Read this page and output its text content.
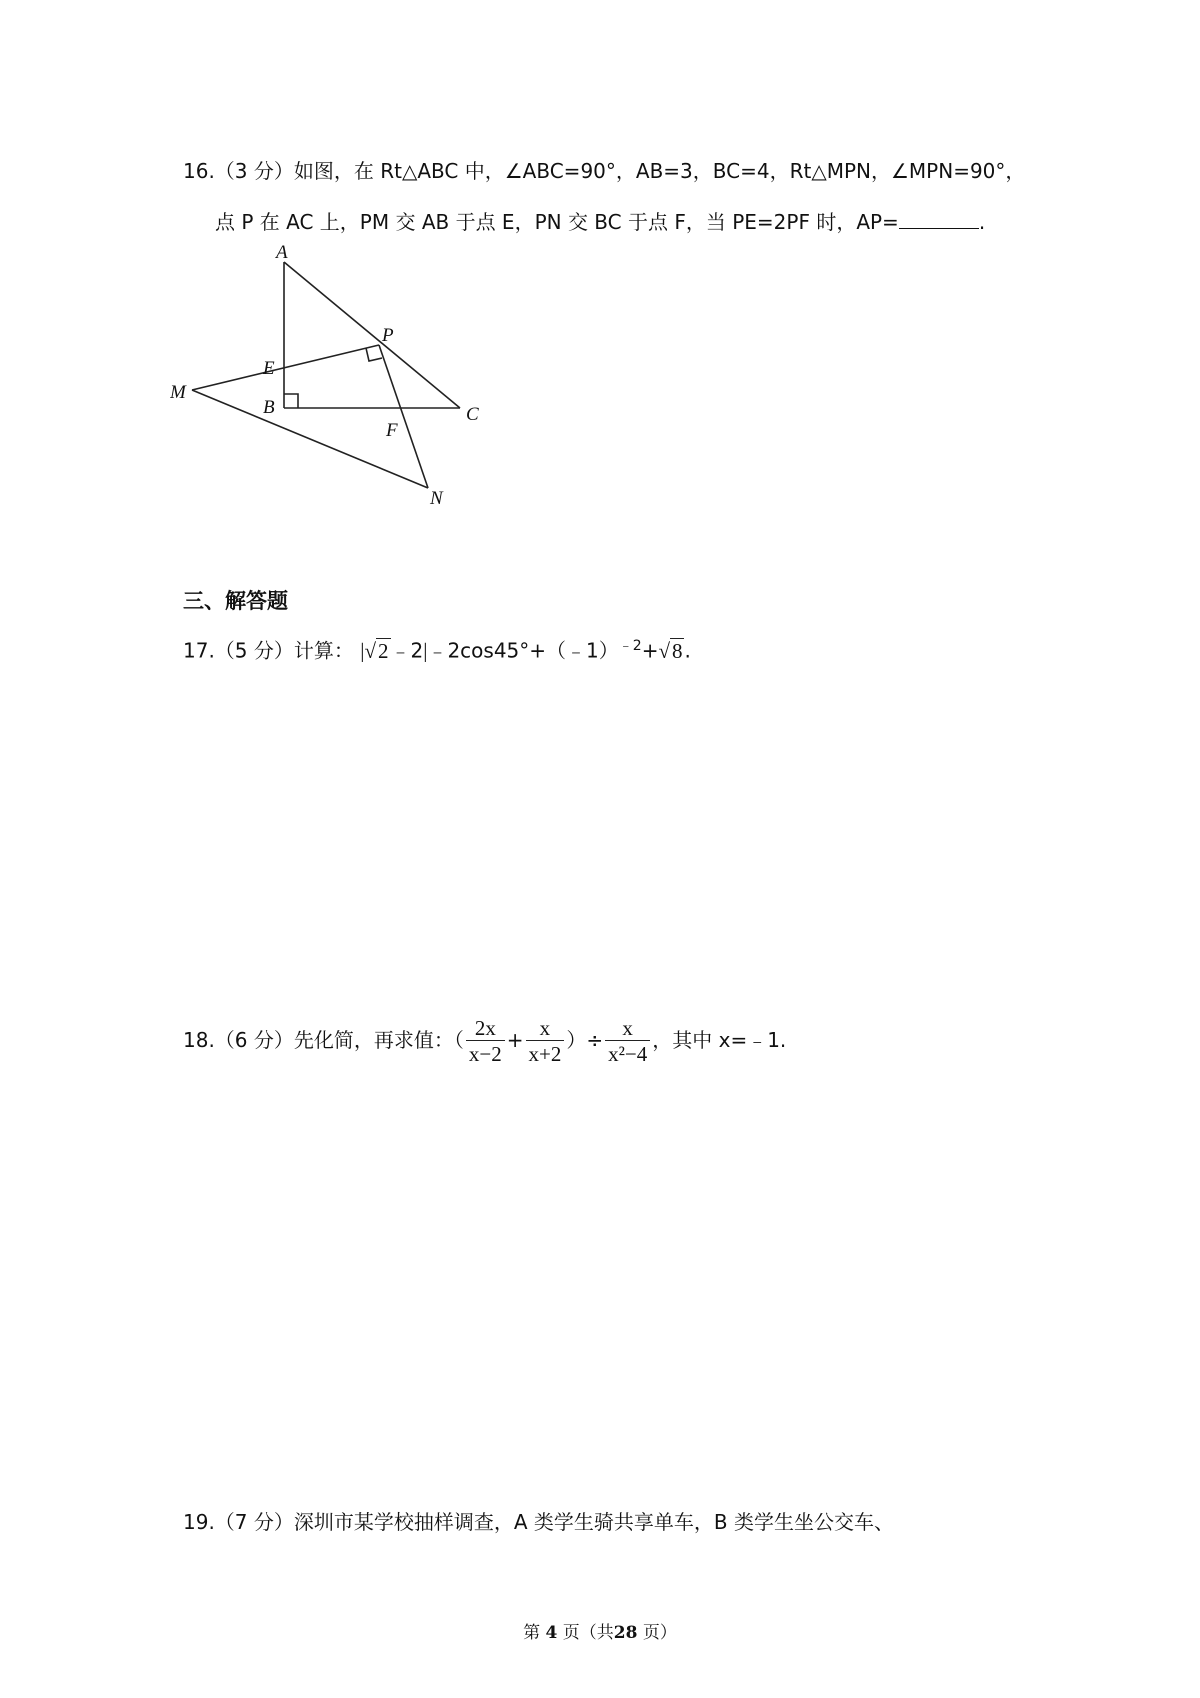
16.（3 分）如图，在 Rt△ABC 中，∠ABC=90°，AB=3，BC=4，Rt△MPN，∠MPN=90°，
点 P 在 AC 上，PM 交 AB 于点 E，PN 交 BC 于点 F，当 PE=2PF 时，AP=	.
A
P
E
M
B	C
F
N
三、解答题
17.（5 分）计算： |√2 ﹣2|﹣2cos45°+（﹣1）$^{﹣2}$+√8 .
18.（6 分）先化简，再求值：（ $\frac{2x}{x-2} + \frac{x}{x+2}$ ）÷ $\frac{x}{\text{x²−4}}$ ，其中 x=﹣1.
19.（7 分）深圳市某学校抽样调查，A 类学生骑共享单车，B 类学生坐公交车、
第 4 页（共28 页）
